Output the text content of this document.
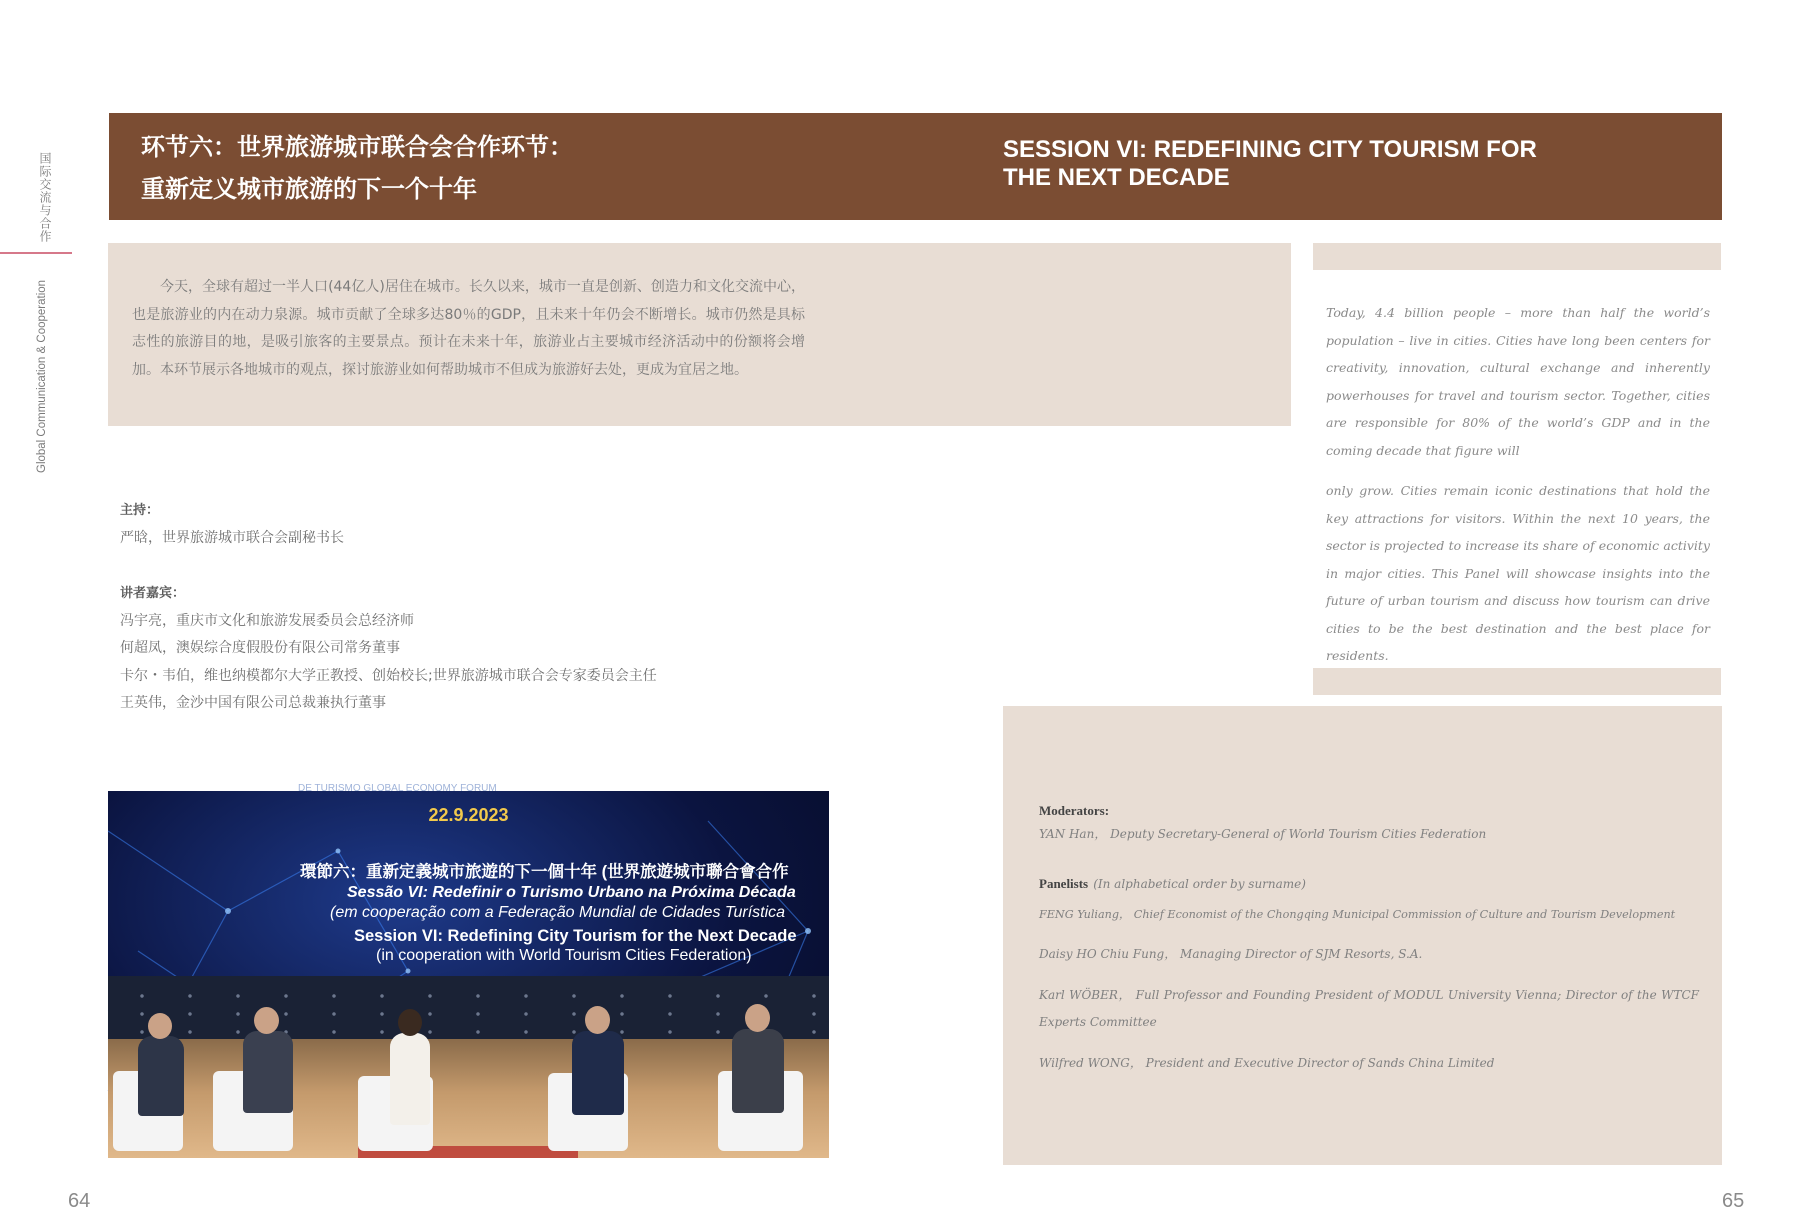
国际交流与合作
Global Communication & Cooperation
环节六：世界旅游城市联合会合作环节：
重新定义城市旅游的下一个十年
SESSION VI: REDEFINING CITY TOURISM FOR
THE NEXT DECADE
今天，全球有超过一半人口(44亿人)居住在城市。长久以来，城市一直是创新、创造力和文化交流中心，也是旅游业的内在动力泉源。城市贡献了全球多达80％的GDP，且未来十年仍会不断增长。城市仍然是具标志性的旅游目的地，是吸引旅客的主要景点。预计在未来十年，旅游业占主要城市经济活动中的份额将会增加。本环节展示各地城市的观点，探讨旅游业如何帮助城市不但成为旅游好去处，更成为宜居之地。

Today, 4.4 billion people – more than half the world’s population – live in cities. Cities have long been centers for creativity, innovation, cultural exchange and inherently powerhouses for travel and tourism sector. Together, cities are responsible for 80% of the world’s GDP and in the coming decade that figure will

only grow. Cities remain iconic destinations that hold the key attractions for visitors. Within the next 10 years, the sector is projected to increase its share of economic activity in major cities. This Panel will showcase insights into the future of urban tourism and discuss how tourism can drive cities to be the best destination and the best place for residents.

主持：
严晗，世界旅游城市联合会副秘书长
讲者嘉宾：
冯宇亮，重庆市文化和旅游发展委员会总经济师
何超凤，澳娱综合度假股份有限公司常务董事
卡尔・韦伯，维也纳模都尔大学正教授、创始校长;世界旅游城市联合会专家委员会主任
王英伟，金沙中国有限公司总裁兼执行董事
DE TURISMO GLOBAL ECONOMY FORUM
22.9.2023
環節六：重新定義城市旅遊的下一個十年 (世界旅遊城市聯合會合作
Sessão VI: Redefinir o Turismo Urbano na Próxima Década
(em cooperação com a Federação Mundial de Cidades Turística
Session VI: Redefining City Tourism for the Next Decade
(in cooperation with World Tourism Cities Federation)
Moderators:
YAN Han， Deputy Secretary-General of World Tourism Cities Federation
Panelists (In alphabetical order by surname)
FENG Yuliang， Chief Economist of the Chongqing Municipal Commission of Culture and Tourism Development
Daisy HO Chiu Fung， Managing Director of SJM Resorts, S.A.
Karl WÖBER， Full Professor and Founding President of MODUL University Vienna; Director of the WTCF Experts Committee
Wilfred WONG， President and Executive Director of Sands China Limited
64	65
